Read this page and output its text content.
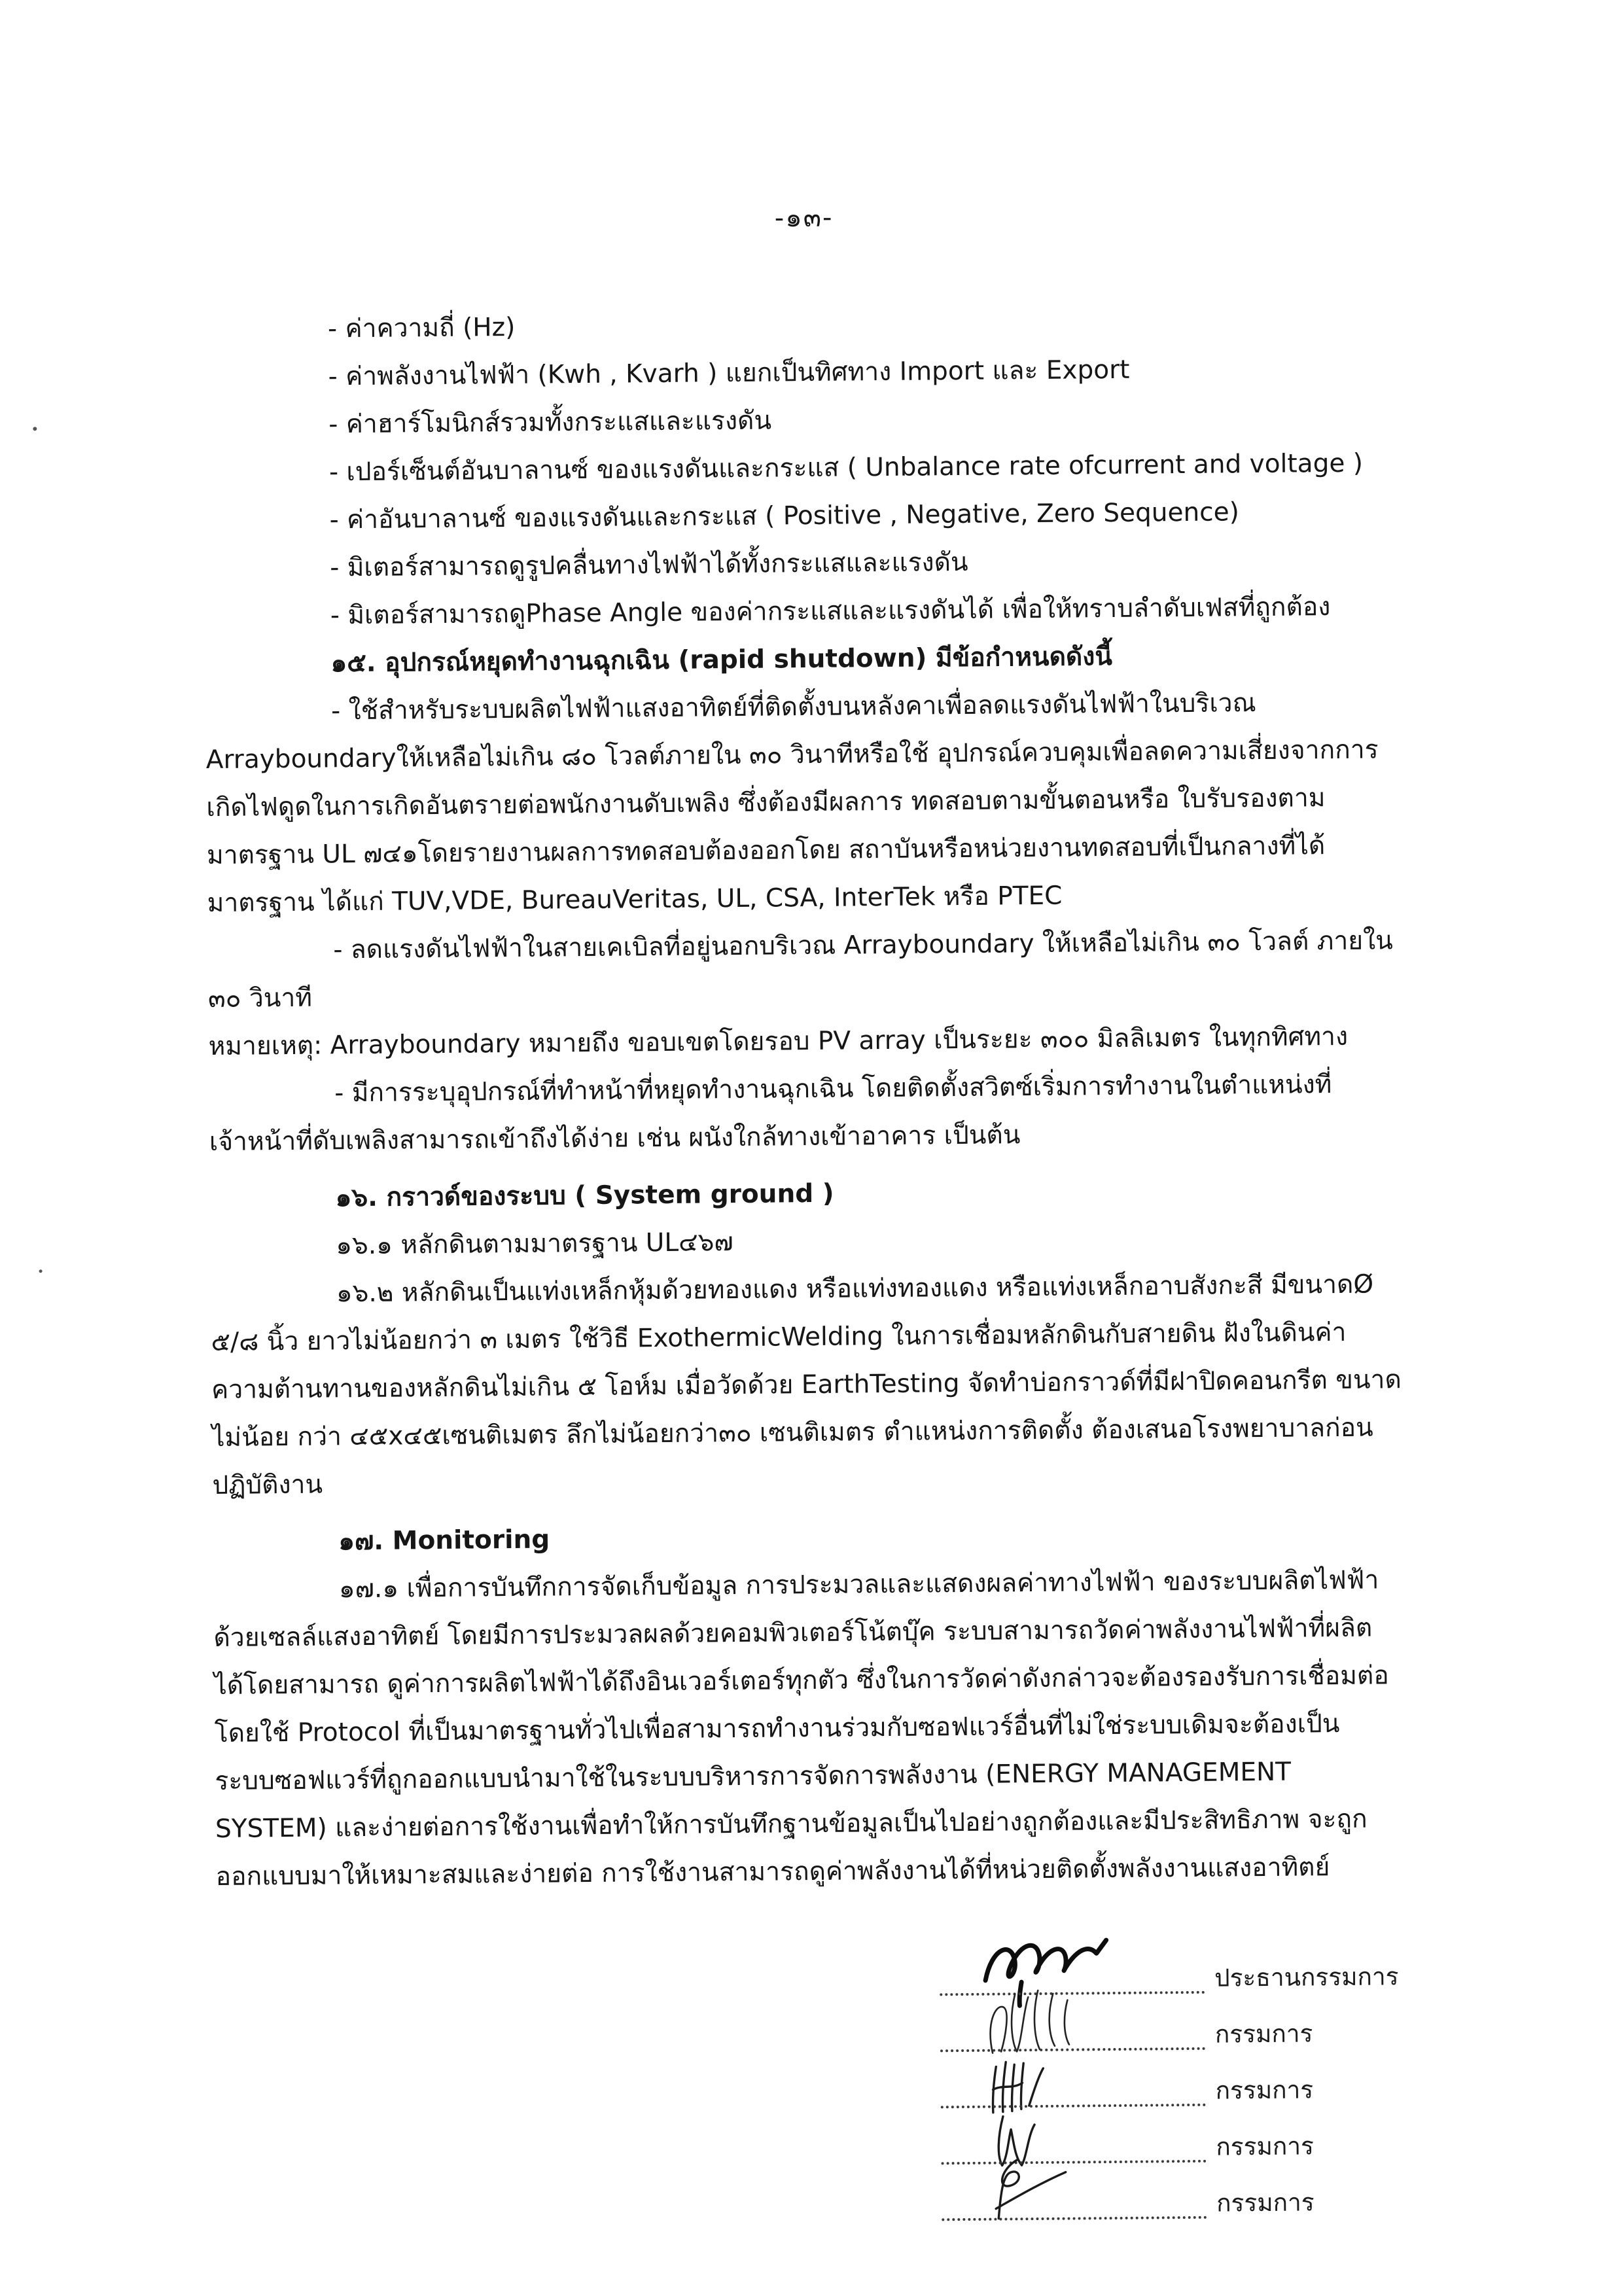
-๑๓-
- ค่าความถี่ (Hz)
- ค่าพลังงานไฟฟ้า (Kwh , Kvarh ) แยกเป็นทิศทาง Import และ Export
- ค่าฮาร์โมนิกส์รวมทั้งกระแสและแรงดัน
- เปอร์เซ็นต์อันบาลานซ์ ของแรงดันและกระแส ( Unbalance rate ofcurrent and voltage )
- ค่าอันบาลานซ์ ของแรงดันและกระแส ( Positive , Negative, Zero Sequence)
- มิเตอร์สามารถดูรูปคลื่นทางไฟฟ้าได้ทั้งกระแสและแรงดัน
- มิเตอร์สามารถดูPhase Angle ของค่ากระแสและแรงดันได้ เพื่อให้ทราบลำดับเฟสที่ถูกต้อง
๑๕. อุปกรณ์หยุดทำงานฉุกเฉิน (rapid shutdown) มีข้อกำหนดดังนี้
- ใช้สำหรับระบบผลิตไฟฟ้าแสงอาทิตย์ที่ติดตั้งบนหลังคาเพื่อลดแรงดันไฟฟ้าในบริเวณ
Arrayboundaryให้เหลือไม่เกิน ๘๐ โวลต์ภายใน ๓๐ วินาทีหรือใช้ อุปกรณ์ควบคุมเพื่อลดความเสี่ยงจากการ
เกิดไฟดูดในการเกิดอันตรายต่อพนักงานดับเพลิง ซึ่งต้องมีผลการ ทดสอบตามขั้นตอนหรือ ใบรับรองตาม
มาตรฐาน UL ๗๔๑โดยรายงานผลการทดสอบต้องออกโดย สถาบันหรือหน่วยงานทดสอบที่เป็นกลางที่ได้
มาตรฐาน ได้แก่ TUV,VDE, BureauVeritas, UL, CSA, InterTek หรือ PTEC
- ลดแรงดันไฟฟ้าในสายเคเบิลที่อยู่นอกบริเวณ Arrayboundary ให้เหลือไม่เกิน ๓๐ โวลต์ ภายใน
๓๐ วินาที
หมายเหตุ: Arrayboundary หมายถึง ขอบเขตโดยรอบ PV array เป็นระยะ ๓๐๐ มิลลิเมตร ในทุกทิศทาง
- มีการระบุอุปกรณ์ที่ทำหน้าที่หยุดทำงานฉุกเฉิน โดยติดตั้งสวิตซ์เริ่มการทำงานในตำแหน่งที่
เจ้าหน้าที่ดับเพลิงสามารถเข้าถึงได้ง่าย เช่น ผนังใกล้ทางเข้าอาคาร เป็นต้น
๑๖. กราวด์ของระบบ ( System ground )
๑๖.๑ หลักดินตามมาตรฐาน UL๔๖๗
๑๖.๒ หลักดินเป็นแท่งเหล็กหุ้มด้วยทองแดง หรือแท่งทองแดง หรือแท่งเหล็กอาบสังกะสี มีขนาดØ
๕/๘ นิ้ว ยาวไม่น้อยกว่า ๓ เมตร ใช้วิธี ExothermicWelding ในการเชื่อมหลักดินกับสายดิน ฝังในดินค่า
ความต้านทานของหลักดินไม่เกิน ๕ โอห์ม เมื่อวัดด้วย EarthTesting จัดทำบ่อกราวด์ที่มีฝาปิดคอนกรีต ขนาด
ไม่น้อย กว่า ๔๕x๔๕เซนติเมตร ลึกไม่น้อยกว่า๓๐ เซนติเมตร ตำแหน่งการติดตั้ง ต้องเสนอโรงพยาบาลก่อน
ปฏิบัติงาน
๑๗. Monitoring
๑๗.๑ เพื่อการบันทึกการจัดเก็บข้อมูล การประมวลและแสดงผลค่าทางไฟฟ้า ของระบบผลิตไฟฟ้า
ด้วยเซลล์แสงอาทิตย์ โดยมีการประมวลผลด้วยคอมพิวเตอร์โน้ตบุ๊ค ระบบสามารถวัดค่าพลังงานไฟฟ้าที่ผลิต
ได้โดยสามารถ ดูค่าการผลิตไฟฟ้าได้ถึงอินเวอร์เตอร์ทุกตัว ซึ่งในการวัดค่าดังกล่าวจะต้องรองรับการเชื่อมต่อ
โดยใช้ Protocol ที่เป็นมาตรฐานทั่วไปเพื่อสามารถทำงานร่วมกับซอฟแวร์อื่นที่ไม่ใช่ระบบเดิมจะต้องเป็น
ระบบซอฟแวร์ที่ถูกออกแบบนำมาใช้ในระบบบริหารการจัดการพลังงาน (ENERGY MANAGEMENT
SYSTEM) และง่ายต่อการใช้งานเพื่อทำให้การบันทึกฐานข้อมูลเป็นไปอย่างถูกต้องและมีประสิทธิภาพ จะถูก
ออกแบบมาให้เหมาะสมและง่ายต่อ การใช้งานสามารถดูค่าพลังงานได้ที่หน่วยติดตั้งพลังงานแสงอาทิตย์
ประธานกรรมการ
กรรมการ
กรรมการ
กรรมการ
กรรมการ
